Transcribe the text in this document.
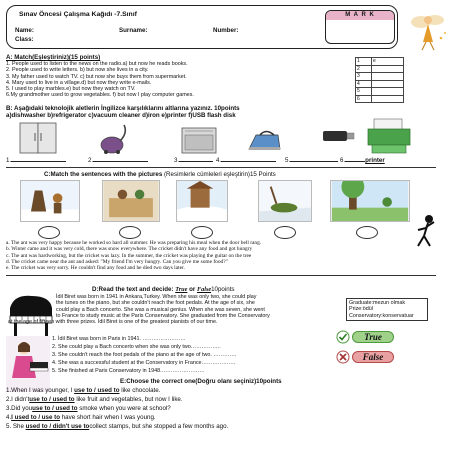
Sınav Öncesi Çalışma Kağıdı -7.Sınıf
Name:	Surname:	Number:
Class:
M A R K
A: Match(Eşleştiriniz)(15 points)
1. People used to listen to the news on the radio.a) but now he reads books.
2. People used to write letters. b) but now she lives in a city.
3. My father used to watch TV. c) but now she buys them from supermarket.
4. Mary used to live in a village.d) but now they write e-mails.
5. I used to play marbles.e) but now they watch on TV.
6.My grandmother used to grow vegetables. f) but now I play computer games.
1	e
2	
3	
4	
5	
6	
B: Aşağıdaki teknolojik aletlerin İngilizce karşılıklarını altlarına yazınız. 10points
a)dishwasher b)refrigerator c)vacuum cleaner d)iron e)printer f)USB flash disk
1.	2.	3.	4.	5.	6.	printer
C:Match the sentences with the pictures (Resimlerle cümleleri eşleştirin)15 Points
a. The ant was very happy because he worked so hard all summer. He was preparing his meal when the door bell rang.
b. Winter came and it was very cold, there was snow everywhere. The cricket didn't have any food and got hungry
c. The ant was hardworking, but the cricket was lazy. In the summer, the cricket was playing the guitar on the tree
d. The cricket came near the ant and asked: "My friend I'm very hungry. Can you give me some food?"
e. The cricket was very sorry. He couldn't find any food and he died two days later.
D:Read the text and decide: True or False10points
İdil Biret was born in 1941 in Ankara,Turkey. When she was only two, she could play
the tunes on the piano, but she couldn't reach the foot pedals. At the age of six, she
could play a Bach concerto. She was a musical genius. When she was seven, she went
to France to study music at the Paris Conservatory. She graduated from the Conservatory
at the age of fifteen with three prizes. İdil Biret is one of the greatest pianists of our time.
Graduate:mezun olmak
Prize:ödül
Conservatory:konservatuar
1. İdil Biret was born in Paris in 1941. ……………………
2. She could play a Bach concerto when she was only two……………..
3. She couldn't reach the foot pedals of the piano at the age of two. ………….
4. She was a successful student at the Conservatory in France……………….
5. She finished at Paris Conservatory in 1948.……………………
True
False
E:Choose the correct one(Doğru olanı seçiniz)10points
1.When I was younger, I use to / used to like chocolate.
2.I didn'tuse to / used to like fruit and vegetables, but now I like.
3.Did youuse to / used to smoke when you were at school?
4.I used to / use to have short hair when I was young.
5. She used to / didn't use tocollect stamps, but she stopped a few months ago.
